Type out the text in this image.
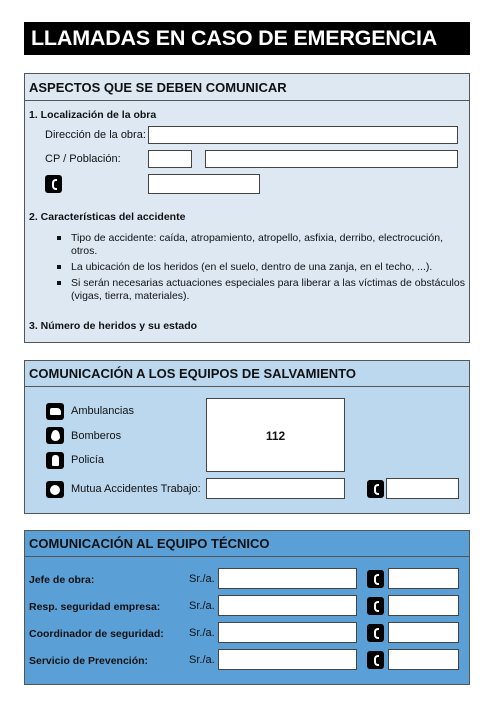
LLAMADAS EN CASO DE EMERGENCIA
ASPECTOS QUE SE DEBEN COMUNICAR
1. Localización de la obra
Dirección de la obra:
CP / Población:
2. Características del accidente
Tipo de accidente: caída, atropamiento, atropello, asfixia, derribo, electrocución, otros.
La ubicación de los heridos (en el suelo, dentro de una zanja, en el techo, ...).
Si serán necesarias actuaciones especiales para liberar a las víctimas de obstáculos (vigas, tierra, materiales).
3. Número de heridos y su estado
COMUNICACIÓN A LOS EQUIPOS DE SALVAMIENTO
Ambulancias
Bomberos
Policía
112
Mutua Accidentes Trabajo:
COMUNICACIÓN AL EQUIPO TÉCNICO
Jefe de obra:	Sr./a.
Resp. seguridad empresa:	Sr./a.
Coordinador de seguridad: Sr./a.
Servicio de Prevención:	Sr./a.
